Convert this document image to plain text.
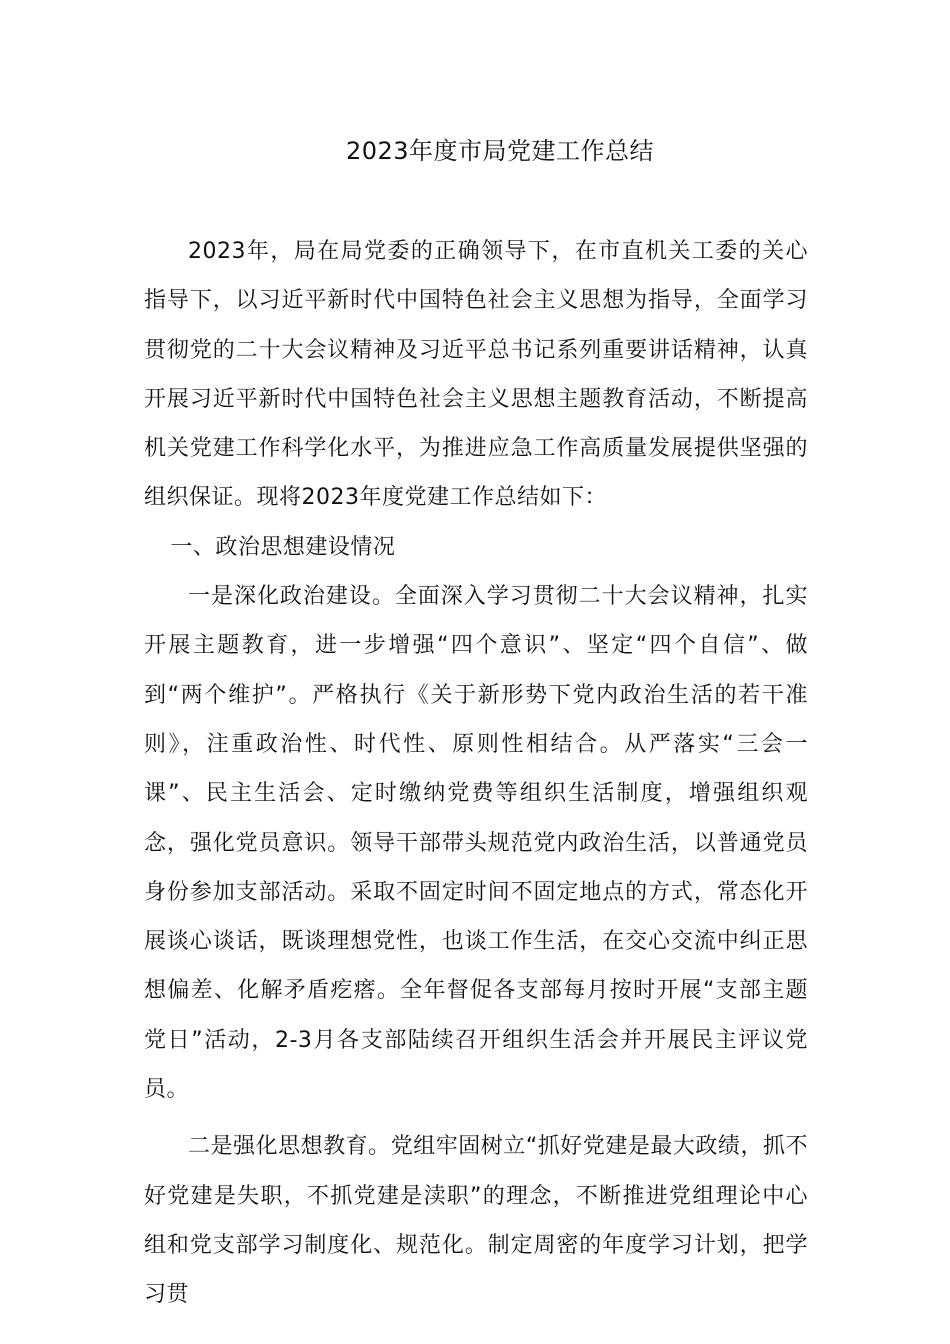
2023年度市局党建工作总结

2023年，局在局党委的正确领导下，在市直机关工委的关心指导下，以习近平新时代中国特色社会主义思想为指导，全面学习贯彻党的二十大会议精神及习近平总书记系列重要讲话精神，认真开展习近平新时代中国特色社会主义思想主题教育活动，不断提高机关党建工作科学化水平，为推进应急工作高质量发展提供坚强的组织保证。现将2023年度党建工作总结如下：

一、政治思想建设情况

一是深化政治建设。全面深入学习贯彻二十大会议精神，扎实开展主题教育，进一步增强“四个意识”、坚定“四个自信”、做到“两个维护”。严格执行《关于新形势下党内政治生活的若干准则》，注重政治性、时代性、原则性相结合。从严落实“三会一课”、民主生活会、定时缴纳党费等组织生活制度，增强组织观念，强化党员意识。领导干部带头规范党内政治生活，以普通党员身份参加支部活动。采取不固定时间不固定地点的方式，常态化开展谈心谈话，既谈理想党性，也谈工作生活，在交心交流中纠正思想偏差、化解矛盾疙瘩。全年督促各支部每月按时开展“支部主题党日”活动，2-3月各支部陆续召开组织生活会并开展民主评议党员。

二是强化思想教育。党组牢固树立“抓好党建是最大政绩，抓不好党建是失职，不抓党建是渎职”的理念，不断推进党组理论中心组和党支部学习制度化、规范化。制定周密的年度学习计划，把学习贯
